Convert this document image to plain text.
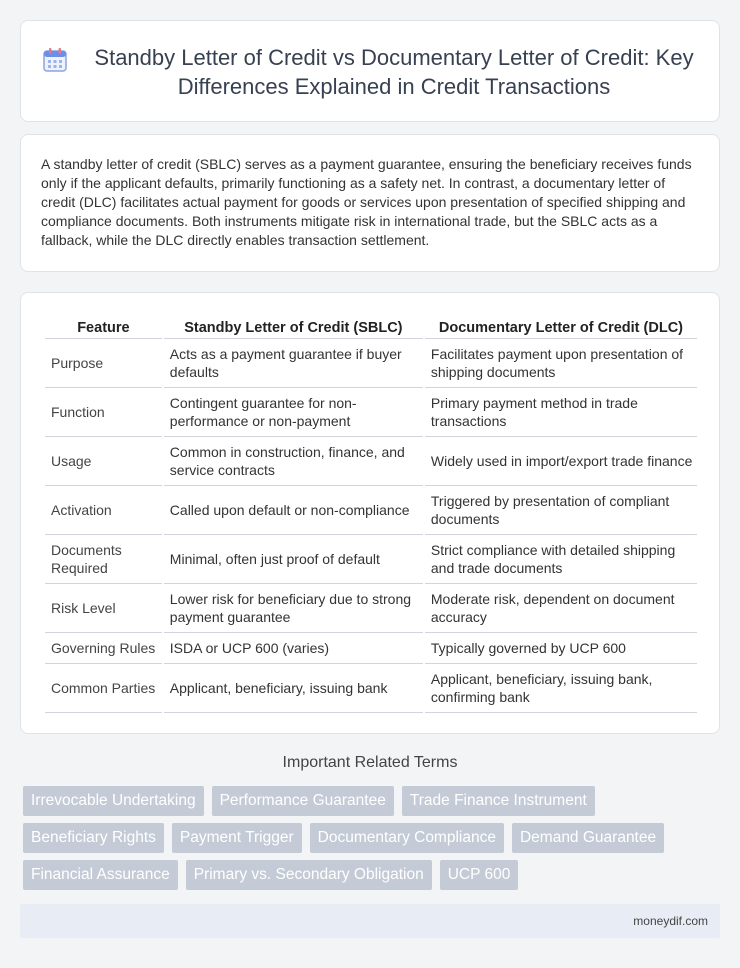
Standby Letter of Credit vs Documentary Letter of Credit: Key Differences Explained in Credit Transactions

A standby letter of credit (SBLC) serves as a payment guarantee, ensuring the beneficiary receives funds only if the applicant defaults, primarily functioning as a safety net. In contrast, a documentary letter of credit (DLC) facilitates actual payment for goods or services upon presentation of specified shipping and compliance documents. Both instruments mitigate risk in international trade, but the SBLC acts as a fallback, while the DLC directly enables transaction settlement.

Feature	Standby Letter of Credit (SBLC)	Documentary Letter of Credit (DLC)
Purpose	Acts as a payment guarantee if buyer defaults	Facilitates payment upon presentation of shipping documents
Function	Contingent guarantee for non-performance or non-payment	Primary payment method in trade transactions
Usage	Common in construction, finance, and service contracts	Widely used in import/export trade finance
Activation	Called upon default or non-compliance	Triggered by presentation of compliant documents
Documents Required	Minimal, often just proof of default	Strict compliance with detailed shipping and trade documents
Risk Level	Lower risk for beneficiary due to strong payment guarantee	Moderate risk, dependent on document accuracy
Governing Rules	ISDA or UCP 600 (varies)	Typically governed by UCP 600
Common Parties	Applicant, beneficiary, issuing bank	Applicant, beneficiary, issuing bank, confirming bank
Important Related Terms
Irrevocable Undertaking	Performance Guarantee	Trade Finance Instrument
Beneficiary Rights	Payment Trigger	Documentary Compliance	Demand Guarantee
Financial Assurance	Primary vs. Secondary Obligation	UCP 600
moneydif.com
